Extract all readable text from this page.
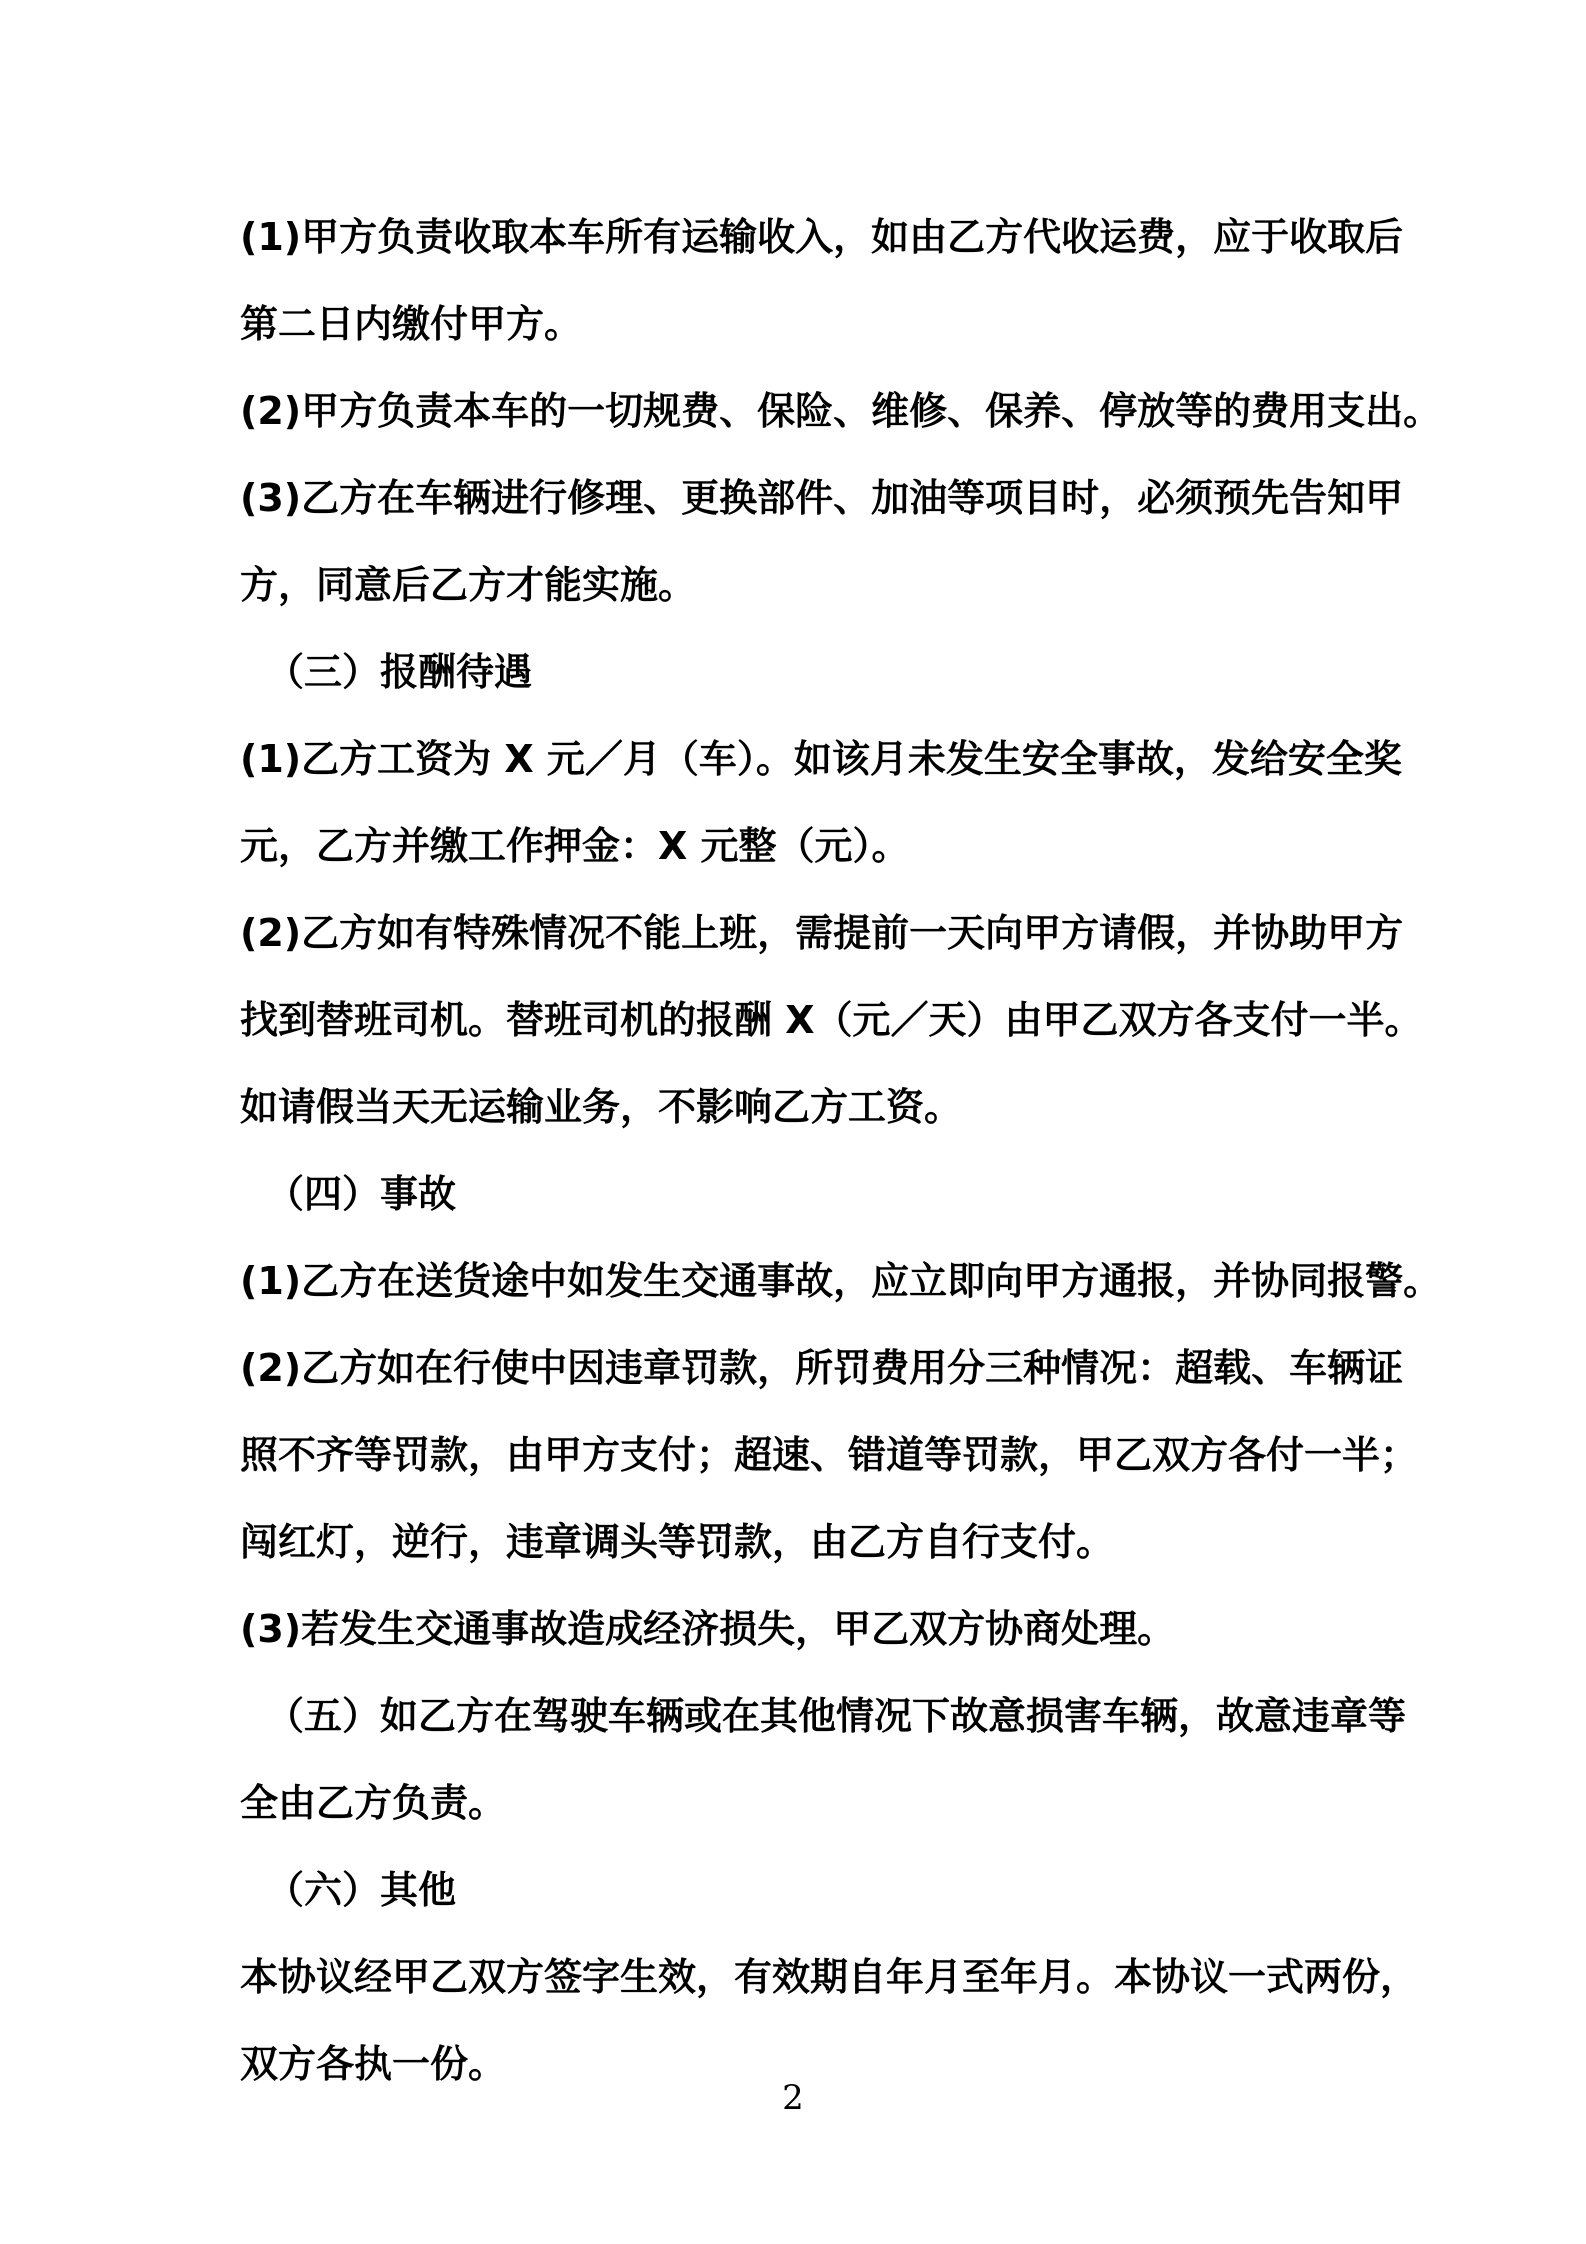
(1)甲方负责收取本车所有运输收入，如由乙方代收运费，应于收取后
第二日内缴付甲方。
(2)甲方负责本车的一切规费、保险、维修、保养、停放等的费用支出。
(3)乙方在车辆进行修理、更换部件、加油等项目时，必须预先告知甲
方，同意后乙方才能实施。
（三）报酬待遇
(1)乙方工资为 X 元／月（车）。如该月未发生安全事故，发给安全奖
元，乙方并缴工作押金：X 元整（元）。
(2)乙方如有特殊情况不能上班，需提前一天向甲方请假，并协助甲方
找到替班司机。替班司机的报酬 X（元／天）由甲乙双方各支付一半。
如请假当天无运输业务，不影响乙方工资。
（四）事故
(1)乙方在送货途中如发生交通事故，应立即向甲方通报，并协同报警。
(2)乙方如在行使中因违章罚款，所罚费用分三种情况：超载、车辆证
照不齐等罚款，由甲方支付；超速、错道等罚款，甲乙双方各付一半；
闯红灯，逆行，违章调头等罚款，由乙方自行支付。
(3)若发生交通事故造成经济损失，甲乙双方协商处理。
（五）如乙方在驾驶车辆或在其他情况下故意损害车辆，故意违章等
全由乙方负责。
（六）其他
本协议经甲乙双方签字生效，有效期自年月至年月。本协议一式两份，
双方各执一份。
2
